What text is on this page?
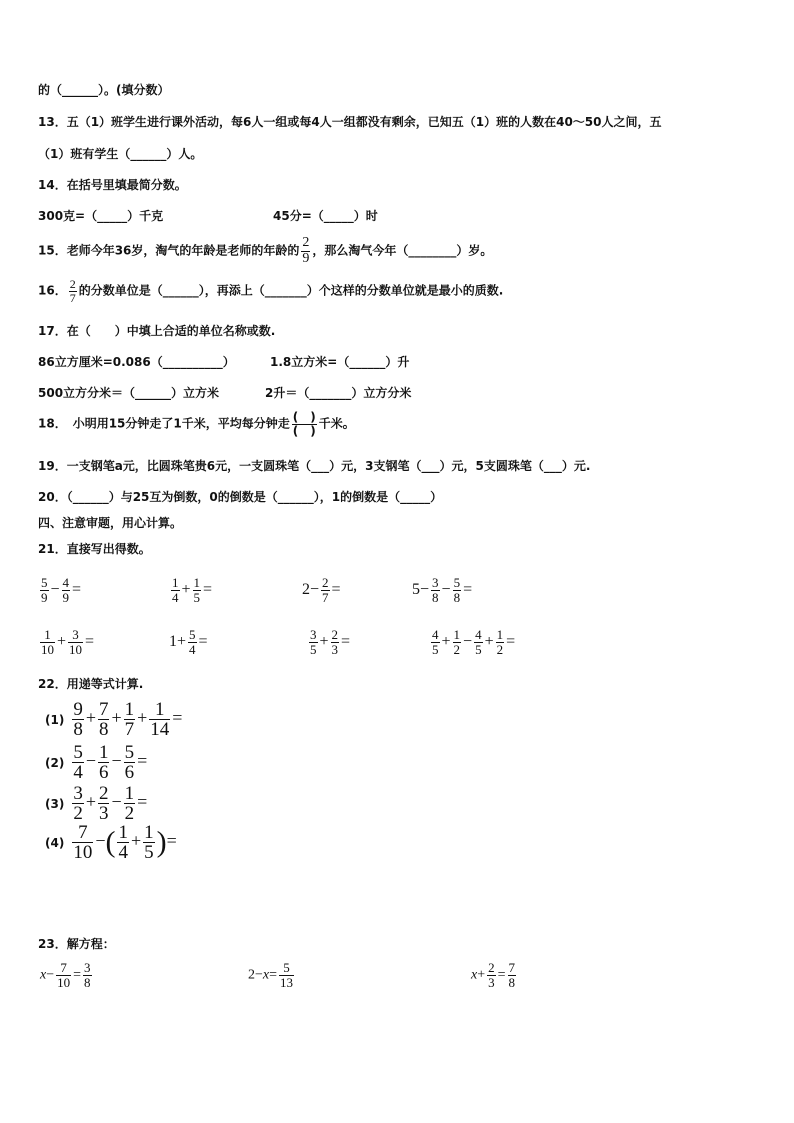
的（______）。(填分数）
13．五（1）班学生进行课外活动，每6人一组或每4人一组都没有剩余，已知五（1）班的人数在40～50人之间，五
（1）班有学生（______）人。
14．在括号里填最简分数。
300克=（_____）千克	45分=（_____）时
15．老师今年36岁，淘气的年龄是老师的年龄的 $\frac{2}{9}$ ，那么淘气今年（________）岁。
16． $\frac{2}{7}$ 的分数单位是（______），再添上（_______）个这样的分数单位就是最小的质数.
17．在（　　）中填上合适的单位名称或数.
86立方厘米=0.086（__________）	1.8立方米=（______）升
500立方分米＝（______）立方米	2升＝（_______）立方分米
18．　小明用15分钟走了1千米，平均每分钟走 $\frac{( )}{( )}$ 千米。
19．一支钢笔a元，比圆珠笔贵6元，一支圆珠笔（___）元，3支钢笔（___）元，5支圆珠笔（___）元.
20．（______）与25互为倒数，0的倒数是（______），1的倒数是（_____）
四、注意审题，用心计算。
21．直接写出得数。
$\frac{5}{9} - \frac{4}{9}$ =	$\frac{1}{4} + \frac{1}{5}$ =	$2- \frac{2}{7}$ =	$5- \frac{3}{8} - \frac{5}{8}$ =
$\frac{1}{10} + \frac{3}{10}$ =	$1+ \frac{5}{4}$ =	$\frac{3}{5} + \frac{2}{3}$ =	$\frac{4}{5} + \frac{1}{2} - \frac{4}{5} + \frac{1}{2}$ =
22．用递等式计算.
$(1) \frac{9}{8} + \frac{7}{8} + \frac{1}{7} + \frac{1}{14}$ =
$(2) \frac{5}{4} - \frac{1}{6} - \frac{5}{6}$ =
$(3) \frac{3}{2} + \frac{2}{3} - \frac{1}{2}$ =
$(4) \frac{7}{10}$ −( $\frac{1}{4} + \frac{1}{5}$ )=
23．解方程：
$x- \frac{7}{10} = \frac{3}{8}$	$2-x= \frac{5}{13}$	$x+ \frac{2}{3} = \frac{7}{8}$
